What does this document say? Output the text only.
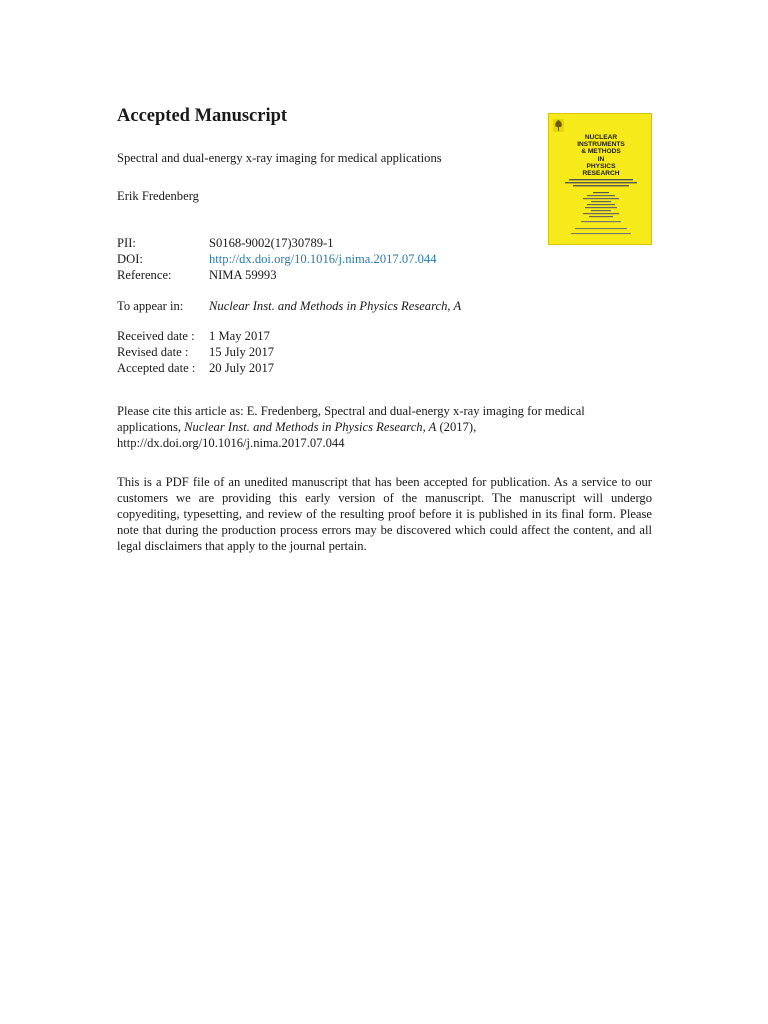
Accepted Manuscript
Spectral and dual-energy x-ray imaging for medical applications
Erik Fredenberg
PII:	S0168-9002(17)30789-1
DOI:	http://dx.doi.org/10.1016/j.nima.2017.07.044
Reference:	NIMA 59993
To appear in: Nuclear Inst. and Methods in Physics Research, A
Received date : 1 May 2017
Revised date : 15 July 2017
Accepted date : 20 July 2017

Please cite this article as: E. Fredenberg, Spectral and dual-energy x-ray imaging for medical
applications, Nuclear Inst. and Methods in Physics Research, A (2017),
http://dx.doi.org/10.1016/j.nima.2017.07.044

This is a PDF file of an unedited manuscript that has been accepted for publication. As a service to our customers we are providing this early version of the manuscript. The manuscript will undergo copyediting, typesetting, and review of the resulting proof before it is published in its final form. Please note that during the production process errors may be discovered which could affect the content, and all legal disclaimers that apply to the journal pertain.

NUCLEAR
INSTRUMENTS
& METHODS
IN
PHYSICS
RESEARCH
